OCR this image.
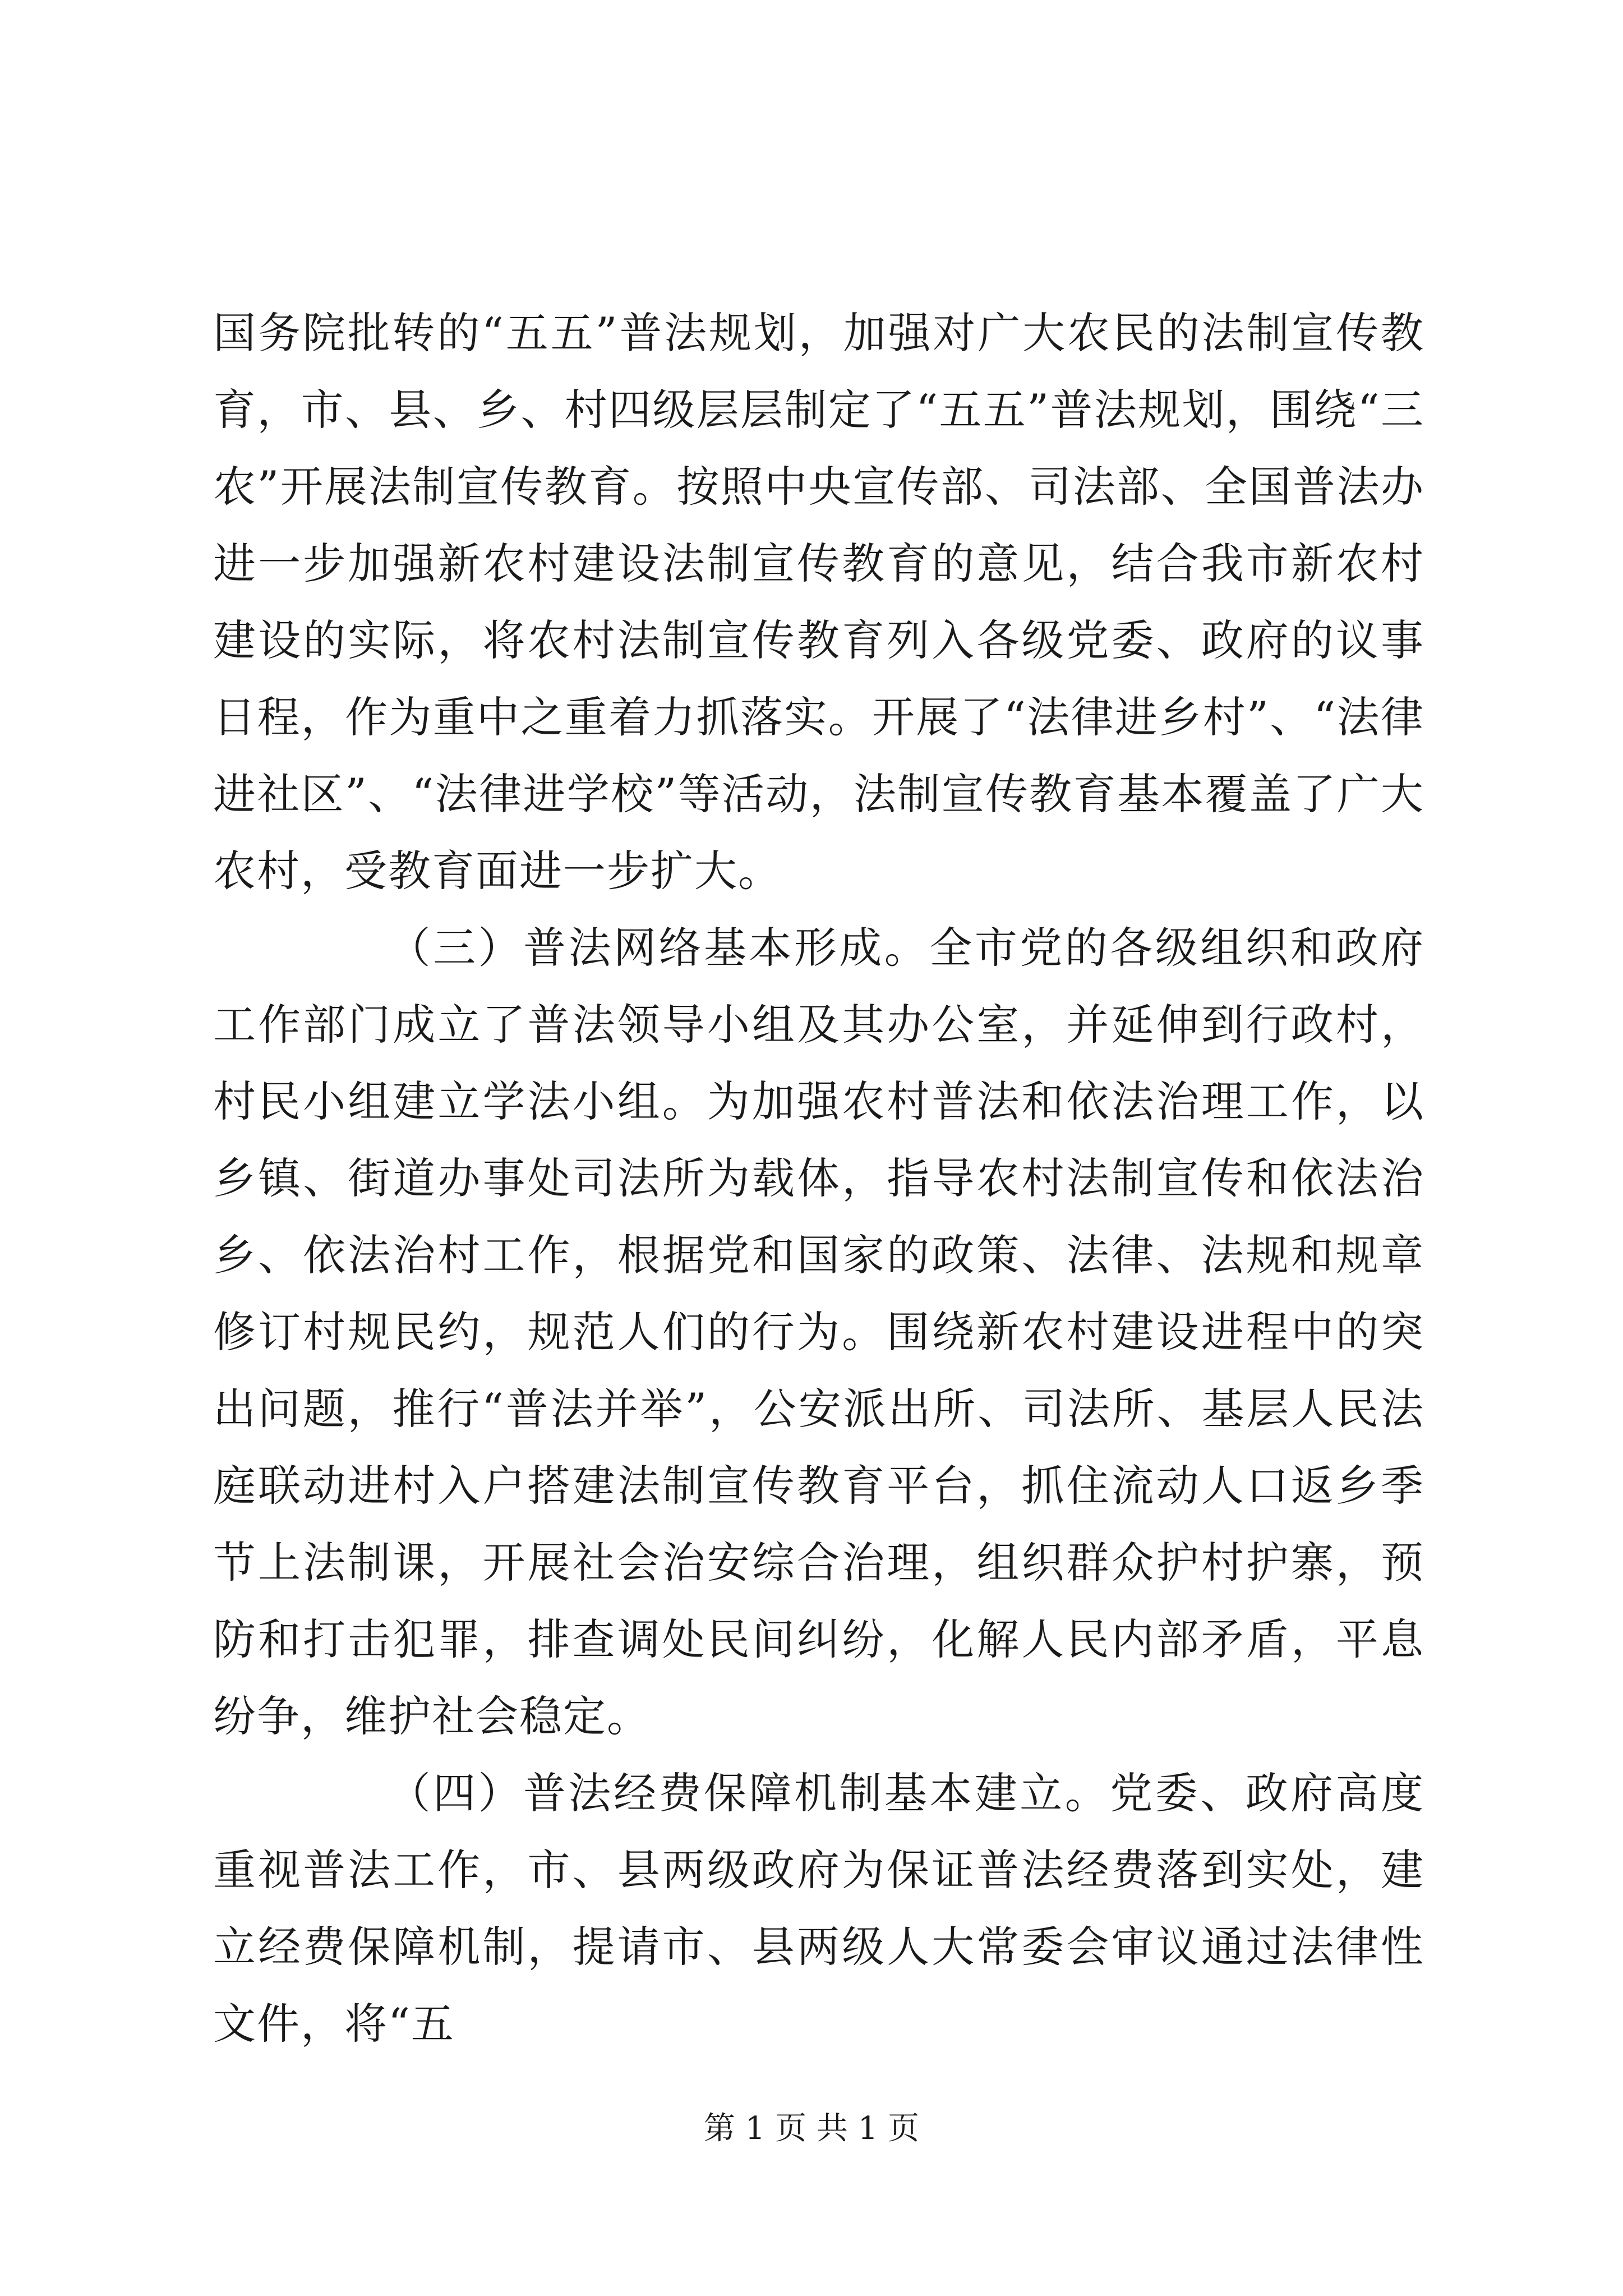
国务院批转的“五五”普法规划，加强对广大农民的法制宣传教育，市、县、乡、村四级层层制定了“五五”普法规划，围绕“三农”开展法制宣传教育。按照中央宣传部、司法部、全国普法办进一步加强新农村建设法制宣传教育的意见，结合我市新农村建设的实际，将农村法制宣传教育列入各级党委、政府的议事日程，作为重中之重着力抓落实。开展了“法律进乡村”、“法律进社区”、“法律进学校”等活动，法制宣传教育基本覆盖了广大农村，受教育面进一步扩大。

（三）普法网络基本形成。全市党的各级组织和政府工作部门成立了普法领导小组及其办公室，并延伸到行政村，村民小组建立学法小组。为加强农村普法和依法治理工作，以乡镇、街道办事处司法所为载体，指导农村法制宣传和依法治乡、依法治村工作，根据党和国家的政策、法律、法规和规章修订村规民约，规范人们的行为。围绕新农村建设进程中的突出问题，推行“普法并举”，公安派出所、司法所、基层人民法庭联动进村入户搭建法制宣传教育平台，抓住流动人口返乡季节上法制课，开展社会治安综合治理，组织群众护村护寨，预防和打击犯罪，排查调处民间纠纷，化解人民内部矛盾，平息纷争，维护社会稳定。

（四）普法经费保障机制基本建立。党委、政府高度重视普法工作，市、县两级政府为保证普法经费落到实处，建立经费保障机制，提请市、县两级人大常委会审议通过法律性文件，将“五

第 1 页 共 1 页
